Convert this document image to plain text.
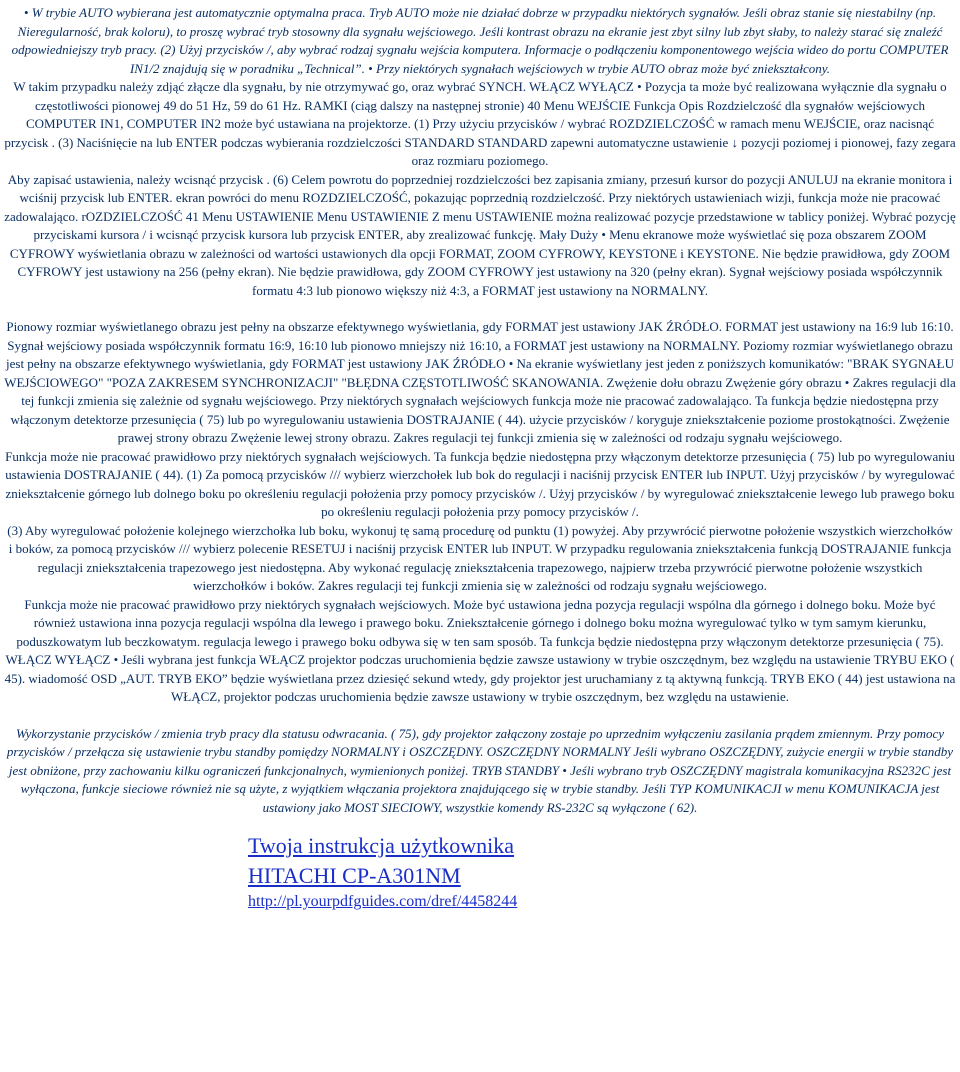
• W trybie AUTO wybierana jest automatycznie optymalna praca. Tryb AUTO może nie działać dobrze w przypadku niektórych sygnałów. Jeśli obraz stanie się niestabilny (np.

Nieregularność, brak koloru), to proszę wybrać tryb stosowny dla sygnału wejściowego. Jeśli kontrast obrazu na ekranie jest zbyt silny lub zbyt słaby, to należy starać się znaleźć odpowiedniejszy tryb pracy. (2) Użyj przycisków /, aby wybrać rodzaj sygnału wejścia komputera. Informacje o podłączeniu komponentowego wejścia wideo do portu COMPUTER IN1/2 znajdują się w poradniku „Technical”. • Przy niektórych sygnałach wejściowych w trybie AUTO obraz może być zniekształcony.

W takim przypadku należy zdjąć złącze dla sygnału, by nie otrzymywać go, oraz wybrać SYNCH. WŁĄCZ WYŁĄCZ • Pozycja ta może być realizowana wyłącznie dla sygnału o częstotliwości pionowej 49 do 51 Hz, 59 do 61 Hz. RAMKI (ciąg dalszy na następnej stronie) 40 Menu WEJŚCIE Funkcja Opis Rozdzielczość dla sygnałów wejściowych COMPUTER IN1, COMPUTER IN2 może być ustawiana na projektorze. (1) Przy użyciu przycisków / wybrać ROZDZIELCZOŚĆ w ramach menu WEJŚCIE, oraz nacisnąć przycisk . (3) Naciśnięcie na lub ENTER podczas wybierania rozdzielczości STANDARD STANDARD zapewni automatyczne ustawienie ↓ pozycji poziomej i pionowej, fazy zegara oraz rozmiaru poziomego.

Aby zapisać ustawienia, należy wcisnąć przycisk . (6) Celem powrotu do poprzedniej rozdzielczości bez zapisania zmiany, przesuń kursor do pozycji ANULUJ na ekranie monitora i wciśnij przycisk lub ENTER. ekran powróci do menu ROZDZIELCZOŚĆ, pokazując poprzednią rozdzielczość. Przy niektórych ustawieniach wizji, funkcja może nie pracować zadowalająco. rOZDZIELCZOŚĆ 41 Menu USTAWIENIE Menu USTAWIENIE Z menu USTAWIENIE można realizować pozycje przedstawione w tablicy poniżej. Wybrać pozycję przyciskami kursora / i wcisnąć przycisk kursora lub przycisk ENTER, aby zrealizować funkcję. Mały Duży • Menu ekranowe może wyświetlać się poza obszarem ZOOM CYFROWY wyświetlania obrazu w zależności od wartości ustawionych dla opcji FORMAT, ZOOM CYFROWY, KEYSTONE i KEYSTONE. Nie będzie prawidłowa, gdy ZOOM CYFROWY jest ustawiony na 256 (pełny ekran). Nie będzie prawidłowa, gdy ZOOM CYFROWY jest ustawiony na 320 (pełny ekran). Sygnał wejściowy posiada współczynnik formatu 4:3 lub pionowo większy niż 4:3, a FORMAT jest ustawiony na NORMALNY.

Pionowy rozmiar wyświetlanego obrazu jest pełny na obszarze efektywnego wyświetlania, gdy FORMAT jest ustawiony JAK ŹRÓDŁO. FORMAT jest ustawiony na 16:9 lub 16:10. Sygnał wejściowy posiada współczynnik formatu 16:9, 16:10 lub pionowo mniejszy niż 16:10, a FORMAT jest ustawiony na NORMALNY. Poziomy rozmiar wyświetlanego obrazu jest pełny na obszarze efektywnego wyświetlania, gdy FORMAT jest ustawiony JAK ŹRÓDŁO • Na ekranie wyświetlany jest jeden z poniższych komunikatów: "BRAK SYGNAŁU WEJŚCIOWEGO" "POZA ZAKRESEM SYNCHRONIZACJI" "BŁĘDNA CZĘSTOTLIWOŚĆ SKANOWANIA. Zwężenie dołu obrazu Zwężenie góry obrazu • Zakres regulacji dla tej funkcji zmienia się zależnie od sygnału wejściowego. Przy niektórych sygnałach wejściowych funkcja może nie pracować zadowalająco. Ta funkcja będzie niedostępna przy włączonym detektorze przesunięcia ( 75) lub po wyregulowaniu ustawienia DOSTRAJANIE ( 44). użycie przycisków / koryguje zniekształcenie poziome prostokątności. Zwężenie prawej strony obrazu Zwężenie lewej strony obrazu. Zakres regulacji tej funkcji zmienia się w zależności od rodzaju sygnału wejściowego.

Funkcja może nie pracować prawidłowo przy niektórych sygnałach wejściowych. Ta funkcja będzie niedostępna przy włączonym detektorze przesunięcia ( 75) lub po wyregulowaniu ustawienia DOSTRAJANIE ( 44). (1) Za pomocą przycisków /// wybierz wierzchołek lub bok do regulacji i naciśnij przycisk ENTER lub INPUT. Użyj przycisków / by wyregulować zniekształcenie górnego lub dolnego boku po określeniu regulacji położenia przy pomocy przycisków /. Użyj przycisków / by wyregulować zniekształcenie lewego lub prawego boku po określeniu regulacji położenia przy pomocy przycisków /.

(3) Aby wyregulować położenie kolejnego wierzchołka lub boku, wykonuj tę samą procedurę od punktu (1) powyżej. Aby przywrócić pierwotne położenie wszystkich wierzchołków i boków, za pomocą przycisków /// wybierz polecenie RESETUJ i naciśnij przycisk ENTER lub INPUT. W przypadku regulowania zniekształcenia funkcją DOSTRAJANIE funkcja regulacji zniekształcenia trapezowego jest niedostępna. Aby wykonać regulację zniekształcenia trapezowego, najpierw trzeba przywrócić pierwotne położenie wszystkich wierzchołków i boków. Zakres regulacji tej funkcji zmienia się w zależności od rodzaju sygnału wejściowego.

Funkcja może nie pracować prawidłowo przy niektórych sygnałach wejściowych. Może być ustawiona jedna pozycja regulacji wspólna dla górnego i dolnego boku. Może być również ustawiona inna pozycja regulacji wspólna dla lewego i prawego boku. Zniekształcenie górnego i dolnego boku można wyregulować tylko w tym samym kierunku, poduszkowatym lub beczkowatym. regulacja lewego i prawego boku odbywa się w ten sam sposób. Ta funkcja będzie niedostępna przy włączonym detektorze przesunięcia ( 75). WŁĄCZ WYŁĄCZ • Jeśli wybrana jest funkcja WŁĄCZ projektor podczas uruchomienia będzie zawsze ustawiony w trybie oszczędnym, bez względu na ustawienie TRYBU EKO ( 45). wiadomość OSD „AUT. TRYB EKO” będzie wyświetlana przez dziesięć sekund wtedy, gdy projektor jest uruchamiany z tą aktywną funkcją. TRYB EKO ( 44) jest ustawiona na WŁĄCZ, projektor podczas uruchomienia będzie zawsze ustawiony w trybie oszczędnym, bez względu na ustawienie.

Wykorzystanie przycisków / zmienia tryb pracy dla statusu odwracania. ( 75), gdy projektor załączony zostaje po uprzednim wyłączeniu zasilania prądem zmiennym. Przy pomocy przycisków / przełącza się ustawienie trybu standby pomiędzy NORMALNY i OSZCZĘDNY. OSZCZĘDNY NORMALNY Jeśli wybrano OSZCZĘDNY, zużycie energii w trybie standby jest obniżone, przy zachowaniu kilku ograniczeń funkcjonalnych, wymienionych poniżej. TRYB STANDBY • Jeśli wybrano tryb OSZCZĘDNY magistrala komunikacyjna RS232C jest wyłączona, funkcje sieciowe również nie są użyte, z wyjątkiem włączania projektora znajdującego się w trybie standby. Jeśli TYP KOMUNIKACJI w menu KOMUNIKACJA jest ustawiony jako MOST SIECIOWY, wszystkie komendy RS-232C są wyłączone ( 62).

Twoja instrukcja użytkownika
HITACHI CP-A301NM
http://pl.yourpdfguides.com/dref/4458244
